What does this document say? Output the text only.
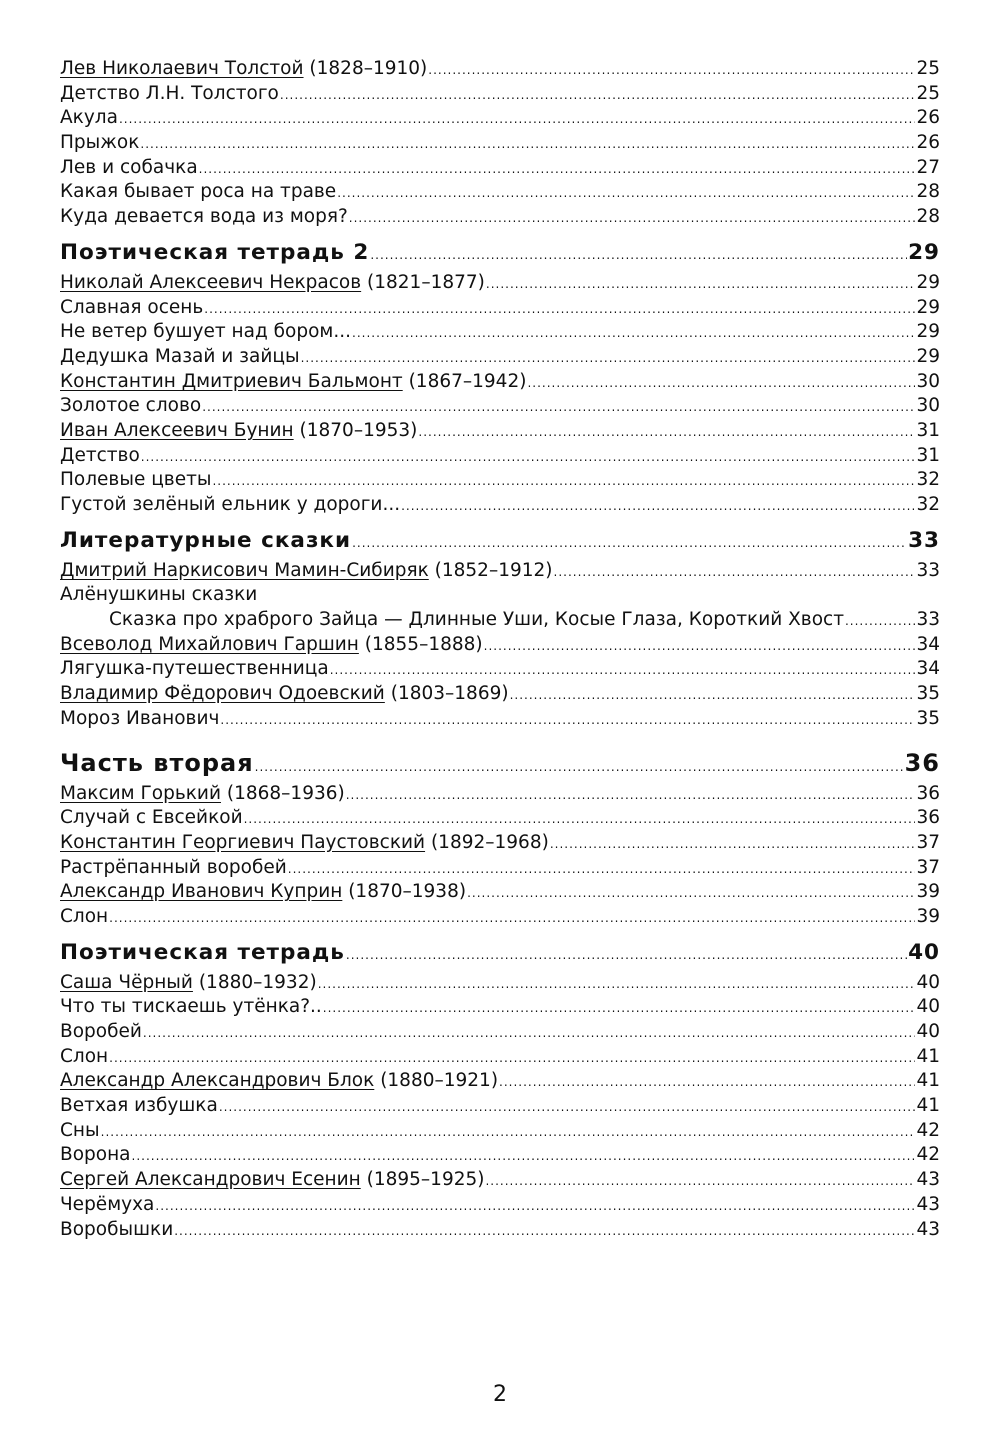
Лев Николаевич Толстой (1828–1910) .....	25
Детство Л.Н. Толстого .....	25
Акула .....	26
Прыжок .....	26
Лев и собачка .....	27
Какая бывает роса на траве .....	28
Куда девается вода из моря? .....	28
Поэтическая тетрадь 2 .....	29
Николай Алексеевич Некрасов (1821–1877) .....	29
Славная осень .....	29
Не ветер бушует над бором... .....	29
Дедушка Мазай и зайцы .....	29
Константин Дмитриевич Бальмонт (1867–1942) .....	30
Золотое слово .....	30
Иван Алексеевич Бунин (1870–1953) .....	31
Детство .....	31
Полевые цветы .....	32
Густой зелёный ельник у дороги... .....	32
Литературные сказки .....	33
Дмитрий Наркисович Мамин-Сибиряк (1852–1912) .....	33
Алёнушкины сказки
Сказка про храброго Зайца — Длинные Уши, Косые Глаза, Короткий Хвост .....	33
Всеволод Михайлович Гаршин (1855–1888) .....	34
Лягушка-путешественница .....	34
Владимир Фёдорович Одоевский (1803–1869) .....	35
Мороз Иванович .....	35
Часть вторая .....	36
Максим Горький (1868–1936) .....	36
Случай с Евсейкой .....	36
Константин Георгиевич Паустовский (1892–1968) .....	37
Растрёпанный воробей .....	37
Александр Иванович Куприн (1870–1938) .....	39
Слон .....	39
Поэтическая тетрадь .....	40
Саша Чёрный (1880–1932) .....	40
Что ты тискаешь утёнка?.. .....	40
Воробей .....	40
Слон .....	41
Александр Александрович Блок (1880–1921) .....	41
Ветхая избушка .....	41
Сны .....	42
Ворона .....	42
Сергей Александрович Есенин (1895–1925) .....	43
Черёмуха .....	43
Воробышки .....	43
2
